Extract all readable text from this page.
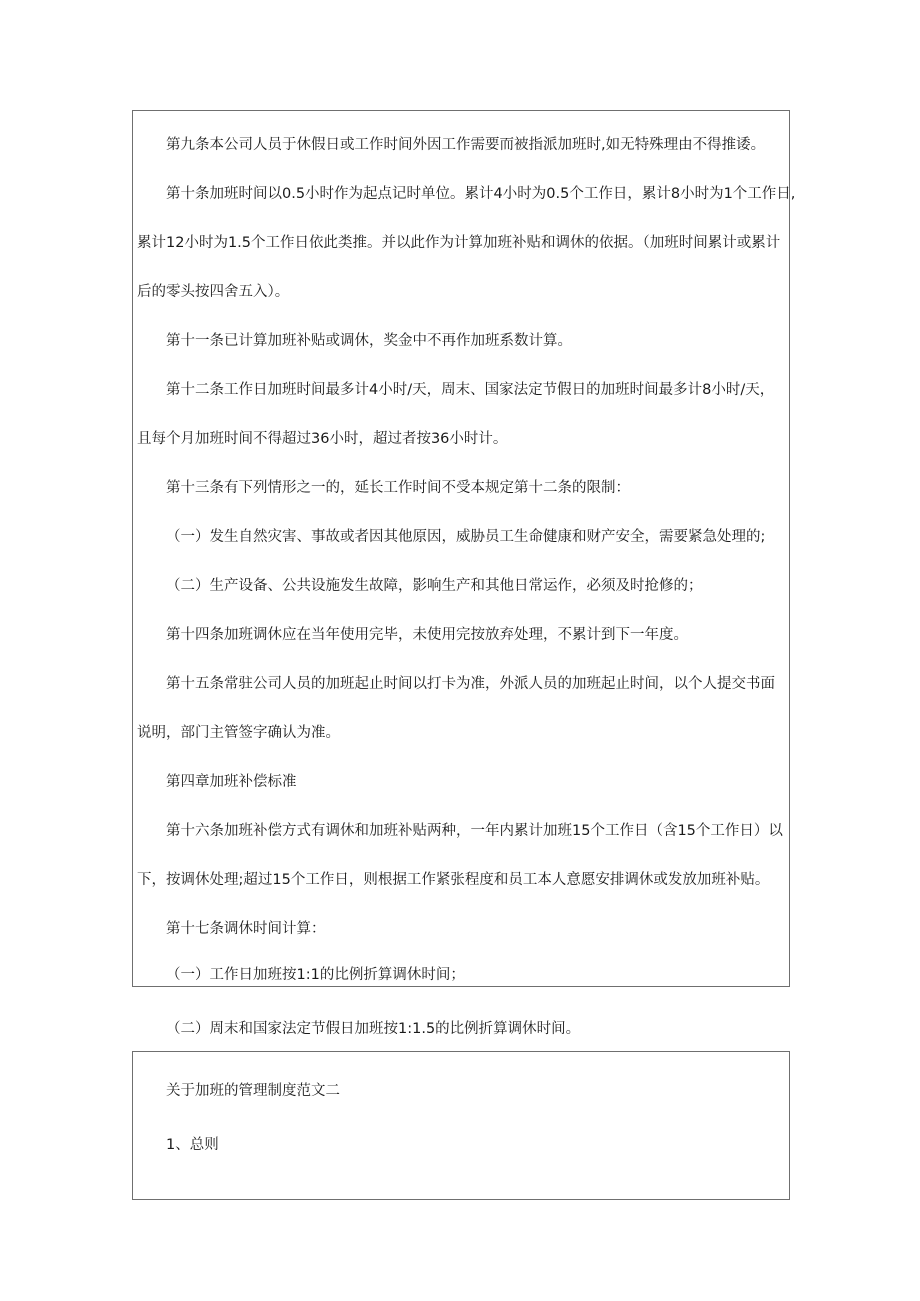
第九条本公司人员于休假日或工作时间外因工作需要而被指派加班时,如无特殊理由不得推诿。
第十条加班时间以0.5小时作为起点记时单位。累计4小时为0.5个工作日，累计8小时为1个工作日,
累计12小时为1.5个工作日依此类推。并以此作为计算加班补贴和调休的依据。（加班时间累计或累计
后的零头按四舍五入）。
第十一条已计算加班补贴或调休，奖金中不再作加班系数计算。
第十二条工作日加班时间最多计4小时/天，周末、国家法定节假日的加班时间最多计8小时/天，
且每个月加班时间不得超过36小时，超过者按36小时计。
第十三条有下列情形之一的，延长工作时间不受本规定第十二条的限制：
（一）发生自然灾害、事故或者因其他原因，威胁员工生命健康和财产安全，需要紧急处理的;
（二）生产设备、公共设施发生故障，影响生产和其他日常运作，必须及时抢修的；
第十四条加班调休应在当年使用完毕，未使用完按放弃处理，不累计到下一年度。
第十五条常驻公司人员的加班起止时间以打卡为准，外派人员的加班起止时间，以个人提交书面
说明，部门主管签字确认为准。
第四章加班补偿标准
第十六条加班补偿方式有调休和加班补贴两种，一年内累计加班15个工作日（含15个工作日）以
下，按调休处理;超过15个工作日，则根据工作紧张程度和员工本人意愿安排调休或发放加班补贴。
第十七条调休时间计算：
（一）工作日加班按1:1的比例折算调休时间；
（二）周末和国家法定节假日加班按1:1.5的比例折算调休时间。
关于加班的管理制度范文二
1、总则
